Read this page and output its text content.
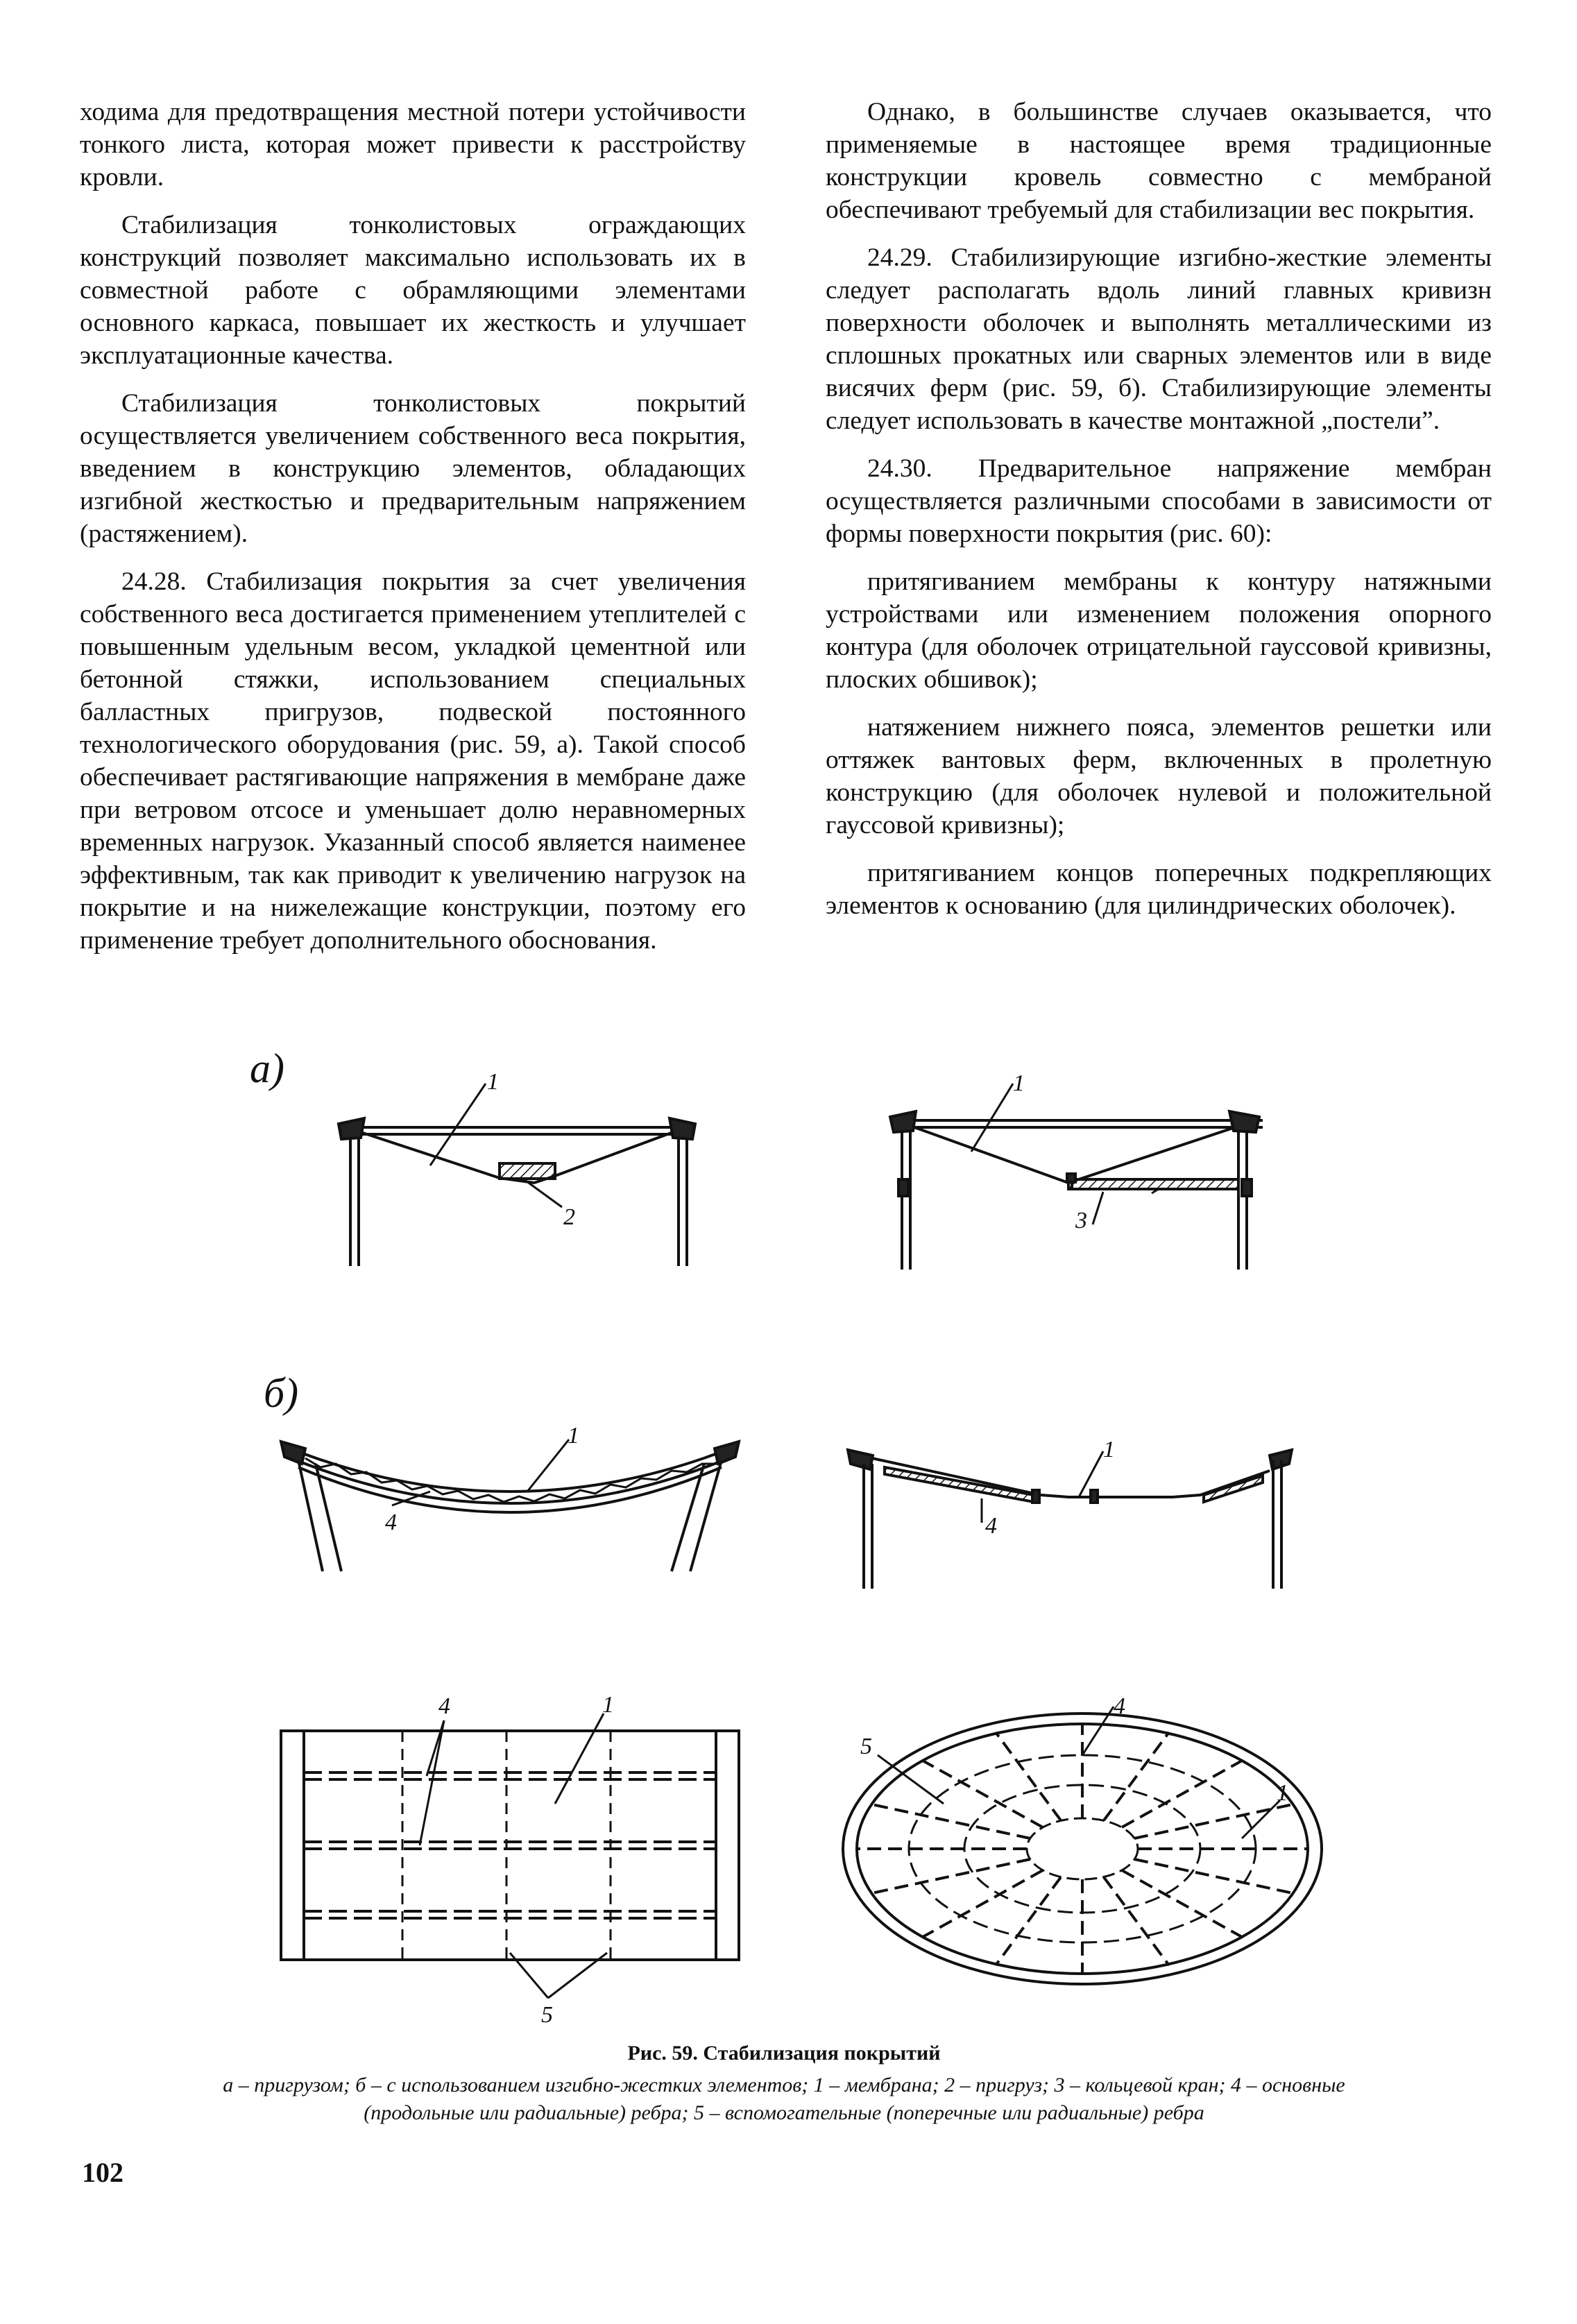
ходима для предотвращения местной потери устойчивости тонкого листа, которая может привести к расстройству кровли.

Стабилизация тонколистовых ограждающих конструкций позволяет максимально использовать их в совместной работе с обрамляющими элементами основного каркаса, повышает их жесткость и улучшает эксплуатационные качества.

Стабилизация тонколистовых покрытий осуществляется увеличением собственного веса покрытия, введением в конструкцию элементов, обладающих изгибной жесткостью и предварительным напряжением (растяжением).

24.28. Стабилизация покрытия за счет увеличения собственного веса достигается применением утеплителей с повышенным удельным весом, укладкой цементной или бетонной стяжки, использованием специальных балластных пригрузов, подвеской постоянного технологического оборудования (рис. 59, а). Такой способ обеспечивает растягивающие напряжения в мембране даже при ветровом отсосе и уменьшает долю неравномерных временных нагрузок. Указанный способ является наименее эффективным, так как приводит к увеличению нагрузок на покрытие и на нижележащие конструкции, поэтому его применение требует дополнительного обоснования.

Однако, в большинстве случаев оказывается, что применяемые в настоящее время традиционные конструкции кровель совместно с мембраной обеспечивают требуемый для стабилизации вес покрытия.

24.29. Стабилизирующие изгибно-жесткие элементы следует располагать вдоль линий главных кривизн поверхности оболочек и выполнять металлическими из сплошных прокатных или сварных элементов или в виде висячих ферм (рис. 59, б). Стабилизирующие элементы следует использовать в качестве монтажной „постели”.

24.30. Предварительное напряжение мембран осуществляется различными способами в зависимости от формы поверхности покрытия (рис. 60):

притягиванием мембраны к контуру натяжными устройствами или изменением положения опорного контура (для оболочек отрицательной гауссовой кривизны, плоских обшивок);

натяжением нижнего пояса, элементов решетки или оттяжек вантовых ферм, включенных в пролетную конструкцию (для оболочек нулевой и положительной гауссовой кривизны);

притягиванием концов поперечных подкрепляющих элементов к основанию (для цилиндрических оболочек).

а)	1
2
1
3
б)
1
4
1
4
4	1
5
4
5
1
Рис. 59. Стабилизация покрытий
а – пригрузом; б – с использованием изгибно-жестких элементов; 1 – мембрана; 2 – пригруз; 3 – кольцевой кран; 4 – основные (продольные или радиальные) ребра; 5 – вспомогательные (поперечные или радиальные) ребра
102
